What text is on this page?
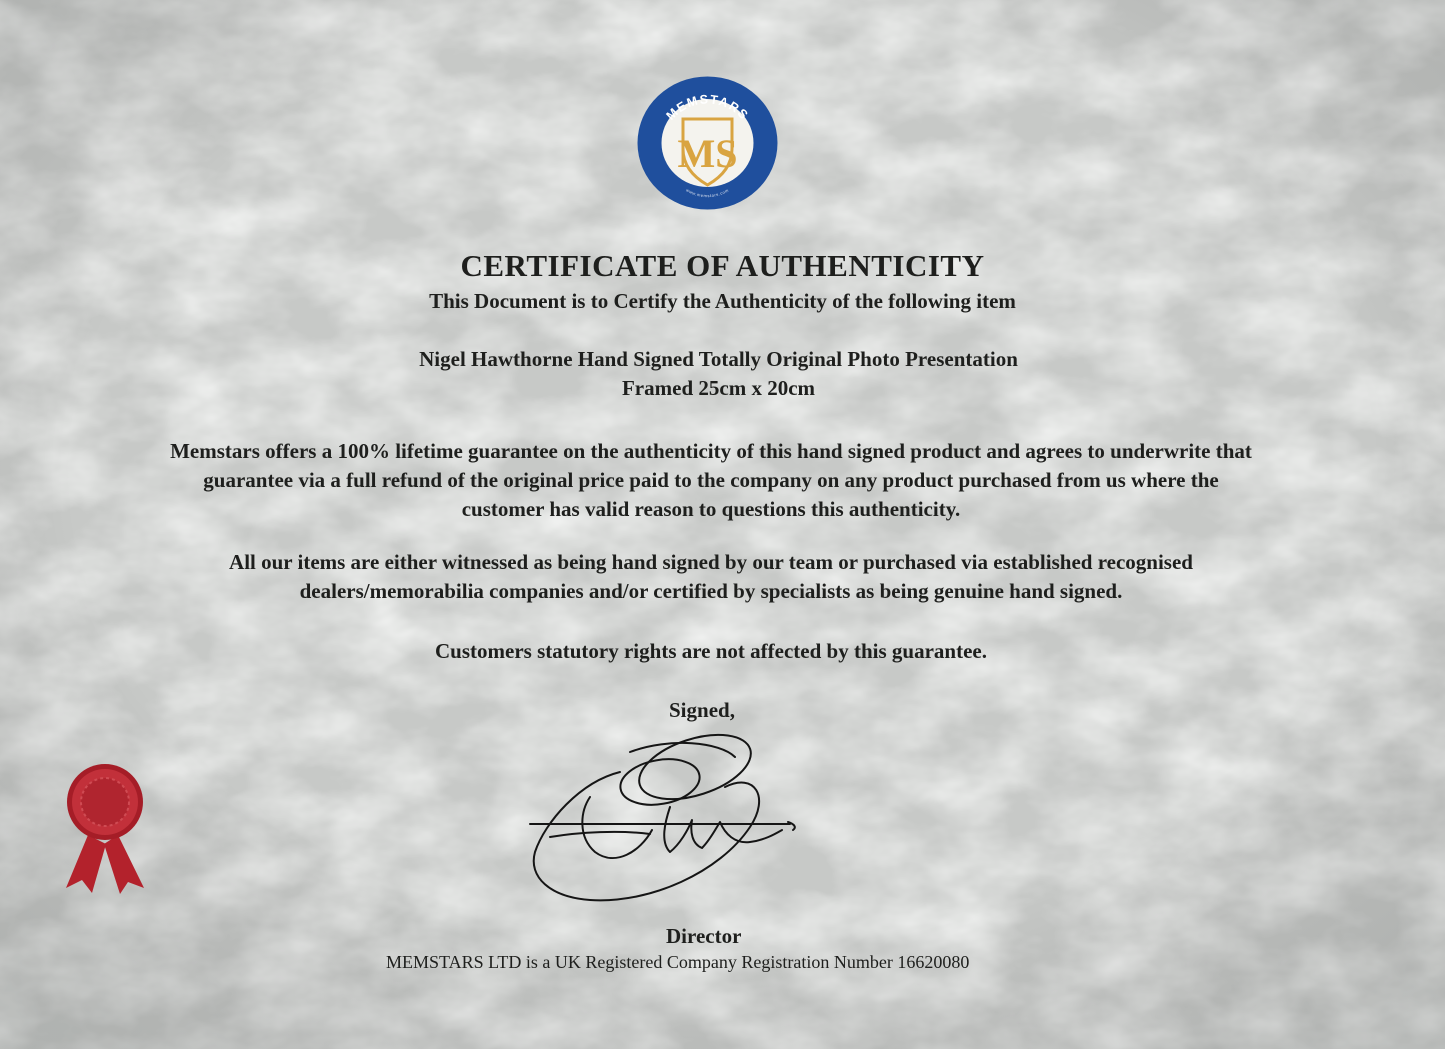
MEMSTARS
www.memstars.com
MS
CERTIFICATE OF AUTHENTICITY
This Document is to Certify the Authenticity of the following item
Nigel Hawthorne Hand Signed Totally Original Photo Presentation
Framed 25cm x 20cm
Memstars offers a 100% lifetime guarantee on the authenticity of this hand signed product and agrees to underwrite that
guarantee via a full refund of the original price paid to the company on any product purchased from us where the
customer has valid reason to questions this authenticity.
All our items are either witnessed as being hand signed by our team or purchased via established recognised
dealers/memorabilia companies and/or certified by specialists as being genuine hand signed.
Customers statutory rights are not affected by this guarantee.
Signed,
Director
MEMSTARS LTD is a UK Registered Company Registration Number 16620080
